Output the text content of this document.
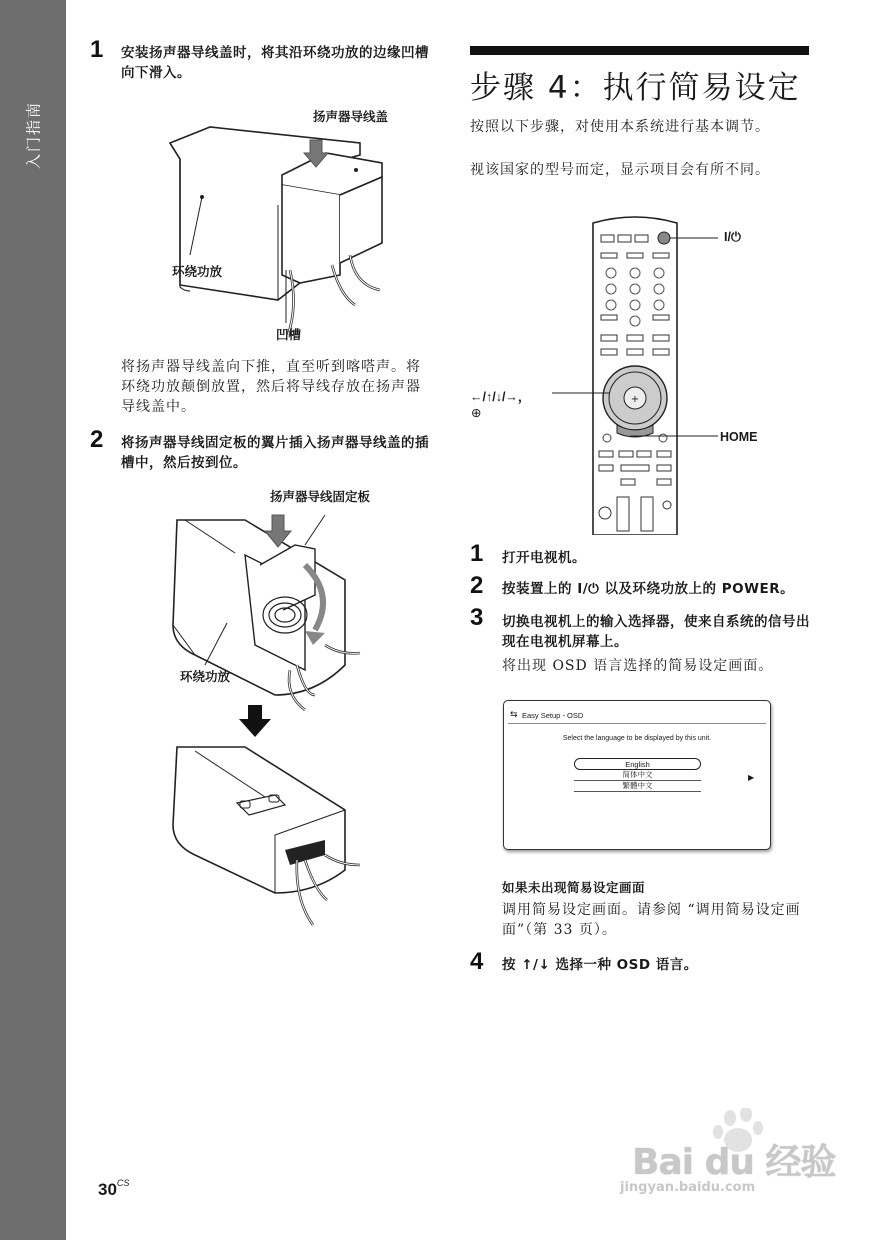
入门指南
1 安装扬声器导线盖时，将其沿环绕功放的边缘凹槽向下滑入。
扬声器导线盖
环绕功放
凹槽
将扬声器导线盖向下推，直至听到喀嗒声。将环绕功放颠倒放置，然后将导线存放在扬声器导线盖中。
2 将扬声器导线固定板的翼片插入扬声器导线盖的插槽中，然后按到位。
扬声器导线固定板
环绕功放
步骤 4：执行简易设定
按照以下步骤，对使用本系统进行基本调节。
视该国家的型号而定，显示项目会有所不同。
+
I/⏻
←/↑/↓/→，
⊕
HOME
1 打开电视机。
2 按装置上的 I/⏻ 以及环绕功放上的 POWER。
3 切换电视机上的输入选择器，使来自系统的信号出现在电视机屏幕上。
将出现 OSD 语言选择的简易设定画面。
⇆ Easy Setup - OSD
Select the language to be displayed by this unit.
English
简体中文
繁體中文
▶
如果未出现简易设定画面
调用简易设定画面。请参阅 “调用简易设定画面”（第 33 页）。
4 按 ↑/↓ 选择一种 OSD 语言。
$30^{CS}$	Bai du 经验
jingyan.baidu.com
